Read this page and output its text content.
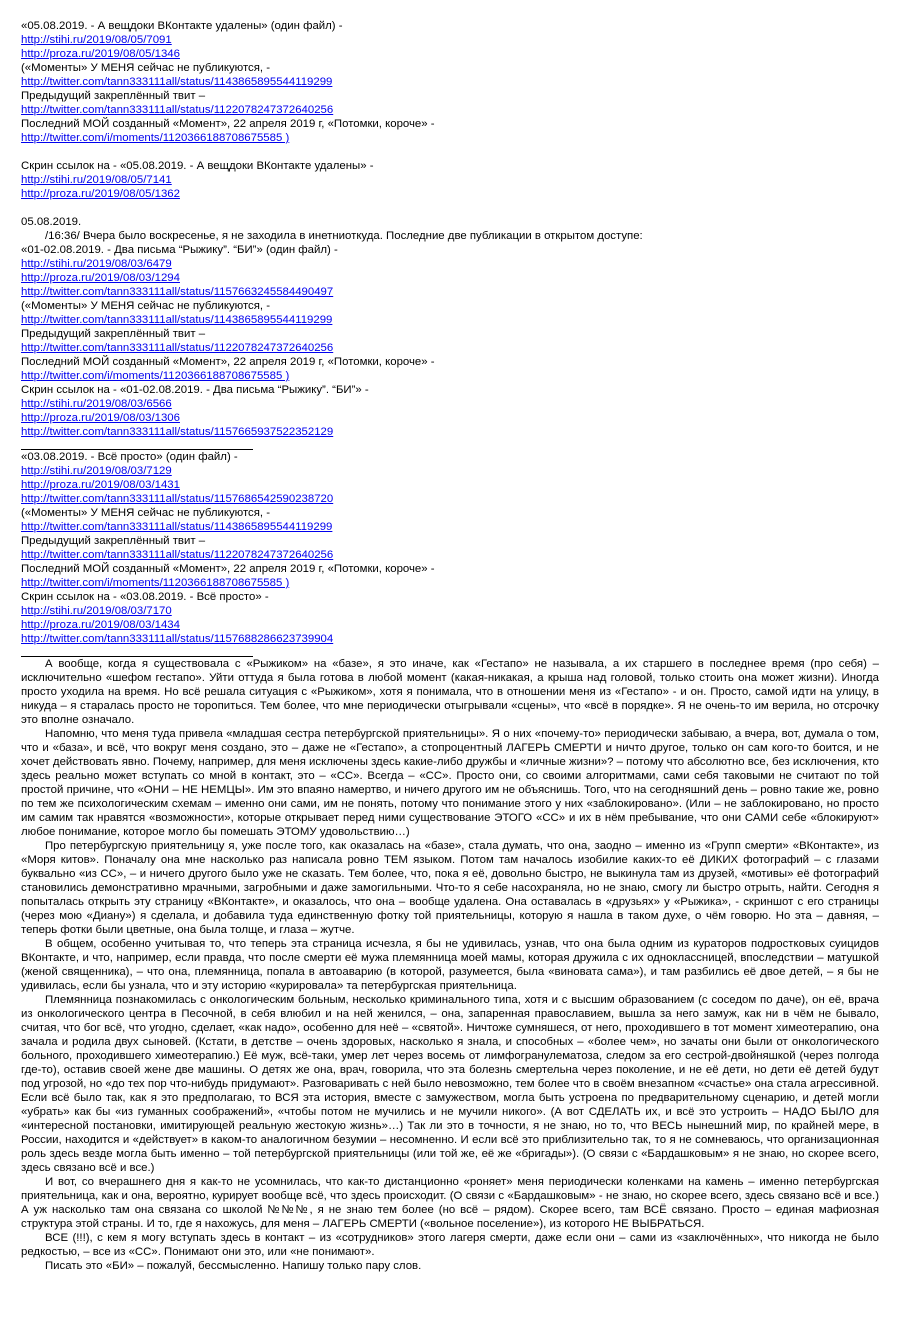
«05.08.2019. - А вещдоки ВКонтакте удалены» (один файл) -
http://stihi.ru/2019/08/05/7091
http://proza.ru/2019/08/05/1346
(«Моменты» У МЕНЯ сейчас не публикуются, -
http://twitter.com/tann333111all/status/1143865895544119299
Предыдущий закреплённый твит –
http://twitter.com/tann333111all/status/1122078247372640256
Последний МОЙ созданный «Момент», 22 апреля 2019 г, «Потомки, короче» -
http://twitter.com/i/moments/1120366188708675585 )
Скрин ссылок на - «05.08.2019. - А вещдоки ВКонтакте удалены» -
http://stihi.ru/2019/08/05/7141
http://proza.ru/2019/08/05/1362
05.08.2019.
/16:36/ Вчера было воскресенье, я не заходила в инетниоткуда. Последние две публикации в открытом доступе:
«01-02.08.2019. - Два письма “Рыжику”. “БИ”» (один файл) -
http://stihi.ru/2019/08/03/6479
http://proza.ru/2019/08/03/1294
http://twitter.com/tann333111all/status/1157663245584490497
(«Моменты» У МЕНЯ сейчас не публикуются, -
http://twitter.com/tann333111all/status/1143865895544119299
Предыдущий закреплённый твит –
http://twitter.com/tann333111all/status/1122078247372640256
Последний МОЙ созданный «Момент», 22 апреля 2019 г, «Потомки, короче» -
http://twitter.com/i/moments/1120366188708675585 )
Скрин ссылок на - «01-02.08.2019. - Два письма “Рыжику”. “БИ”» -
http://stihi.ru/2019/08/03/6566
http://proza.ru/2019/08/03/1306
http://twitter.com/tann333111all/status/1157665937522352129
«03.08.2019. - Всё просто» (один файл) -
http://stihi.ru/2019/08/03/7129
http://proza.ru/2019/08/03/1431
http://twitter.com/tann333111all/status/1157686542590238720
(«Моменты» У МЕНЯ сейчас не публикуются, -
http://twitter.com/tann333111all/status/1143865895544119299
Предыдущий закреплённый твит –
http://twitter.com/tann333111all/status/1122078247372640256
Последний МОЙ созданный «Момент», 22 апреля 2019 г, «Потомки, короче» -
http://twitter.com/i/moments/1120366188708675585 )
Скрин ссылок на - «03.08.2019. - Всё просто» -
http://stihi.ru/2019/08/03/7170
http://proza.ru/2019/08/03/1434
http://twitter.com/tann333111all/status/1157688286623739904

А вообще, когда я существовала с «Рыжиком» на «базе», я это иначе, как «Гестапо» не называла, а их старшего в последнее время (про себя) – исключительно «шефом гестапо». Уйти оттуда я была готова в любой момент (какая-никакая, а крыша над головой, только стоить она может жизни). Иногда просто уходила на время. Но всё решала ситуация с «Рыжиком», хотя я понимала, что в отношении меня из «Гестапо» - и он. Просто, самой идти на улицу, в никуда – я старалась просто не торопиться. Тем более, что мне периодически отыгрывали «сцены», что «всё в порядке». Я не очень-то им верила, но отсрочку это вполне означало.

Напомню, что меня туда привела «младшая сестра петербургской приятельницы». Я о них «почему-то» периодически забываю, а вчера, вот, думала о том, что и «база», и всё, что вокруг меня создано, это – даже не «Гестапо», а стопроцентный ЛАГЕРЬ СМЕРТИ и ничто другое, только он сам кого-то боится, и не хочет действовать явно. Почему, например, для меня исключены здесь какие-либо дружбы и «личные жизни»? – потому что абсолютно все, без исключения, кто здесь реально может вступать со мной в контакт, это – «СС». Всегда – «СС». Просто они, со своими алгоритмами, сами себя таковыми не считают по той простой причине, что «ОНИ – НЕ НЕМЦЫ». Им это впаяно намертво, и ничего другого им не объяснишь. Того, что на сегодняшний день – ровно такие же, ровно по тем же психологическим схемам – именно они сами, им не понять, потому что понимание этого у них «заблокировано». (Или – не заблокировано, но просто им самим так нравятся «возможности», которые открывает перед ними существование ЭТОГО «СС» и их в нём пребывание, что они САМИ себе «блокируют» любое понимание, которое могло бы помешать ЭТОМУ удовольствию…)

Про петербургскую приятельницу я, уже после того, как оказалась на «базе», стала думать, что она, заодно – именно из «Групп смерти» «ВКонтакте», из «Моря китов». Поначалу она мне насколько раз написала ровно ТЕМ языком. Потом там началось изобилие каких-то её ДИКИХ фотографий – с глазами буквально «из СС», – и ничего другого было уже не сказать. Тем более, что, пока я её, довольно быстро, не выкинула там из друзей, «мотивы» её фотографий становились демонстративно мрачными, загробными и даже замогильными. Что-то я себе насохраняла, но не знаю, смогу ли быстро отрыть, найти. Сегодня я попыталась открыть эту страницу «ВКонтакте», и оказалось, что она – вообще удалена. Она оставалась в «друзьях» у «Рыжика», - скриншот с его страницы (через мою «Диану») я сделала, и добавила туда единственную фотку той приятельницы, которую я нашла в таком духе, о чём говорю. Но эта – давняя, – теперь фотки были цветные, она была толще, и глаза – жутче.

В общем, особенно учитывая то, что теперь эта страница исчезла, я бы не удивилась, узнав, что она была одним из кураторов подростковых суицидов ВКонтакте, и что, например, если правда, что после смерти её мужа племянница моей мамы, которая дружила с их одноклассницей, впоследствии – матушкой (женой священника), – что она, племянница, попала в автоаварию (в которой, разумеется, была «виновата сама»), и там разбились её двое детей, – я бы не удивилась, если бы узнала, что и эту историю «курировала» та петербургская приятельница.

Племянница познакомилась с онкологическим больным, несколько криминального типа, хотя и с высшим образованием (с соседом по даче), он её, врача из онкологического центра в Песочной, в себя влюбил и на ней женился, – она, запаренная православием, вышла за него замуж, как ни в чём не бывало, считая, что бог всё, что угодно, сделает, «как надо», особенно для неё – «святой». Ничтоже сумняшеся, от него, проходившего в тот момент химеотерапию, она зачала и родила двух сыновей. (Кстати, в детстве – очень здоровых, насколько я знала, и способных – «более чем», но зачаты они были от онкологического больного, проходившего химеотерапию.) Её муж, всё-таки, умер лет через восемь от лимфогранулематоза, следом за его сестрой-двойняшкой (через полгода где-то), оставив своей жене две машины. О детях же она, врач, говорила, что эта болезнь смертельна через поколение, и не её дети, но дети её детей будут под угрозой, но «до тех пор что-нибудь придумают». Разговаривать с ней было невозможно, тем более что в своём внезапном «счастье» она стала агрессивной. Если всё было так, как я это предполагаю, то ВСЯ эта история, вместе с замужеством, могла быть устроена по предварительному сценарию, и детей могли «убрать» как бы «из гуманных соображений», «чтобы потом не мучились и не мучили никого». (А вот СДЕЛАТЬ их, и всё это устроить – НАДО БЫЛО для «интересной постановки, имитирующей реальную жестокую жизнь»…) Так ли это в точности, я не знаю, но то, что ВЕСЬ нынешний мир, по крайней мере, в России, находится и «действует» в каком-то аналогичном безумии – несомненно. И если всё это приблизительно так, то я не сомневаюсь, что организационная роль здесь везде могла быть именно – той петербургской приятельницы (или той же, её же «бригады»). (О связи с «Бардашковым» я не знаю, но скорее всего, здесь связано всё и все.)

И вот, со вчерашнего дня я как-то не усомнилась, что как-то дистанционно «роняет» меня периодически коленками на камень – именно петербургская приятельница, как и она, вероятно, курирует вообще всё, что здесь происходит. (О связи с «Бардашковым» - не знаю, но скорее всего, здесь связано всё и все.) А уж насколько там она связана со школой №№№, я не знаю тем более (но всё – рядом). Скорее всего, там ВСЁ связано. Просто – единая мафиозная структура этой страны. И то, где я нахожусь, для меня – ЛАГЕРЬ СМЕРТИ («вольное поселение»), из которого НЕ ВЫБРАТЬСЯ.

ВСЕ (!!!), с кем я могу вступать здесь в контакт – из «сотрудников» этого лагеря смерти, даже если они – сами из «заключённых», что никогда не было редкостью, – все из «СС». Понимают они это, или «не понимают».

Писать это «БИ» – пожалуй, бессмысленно. Напишу только пару слов.
